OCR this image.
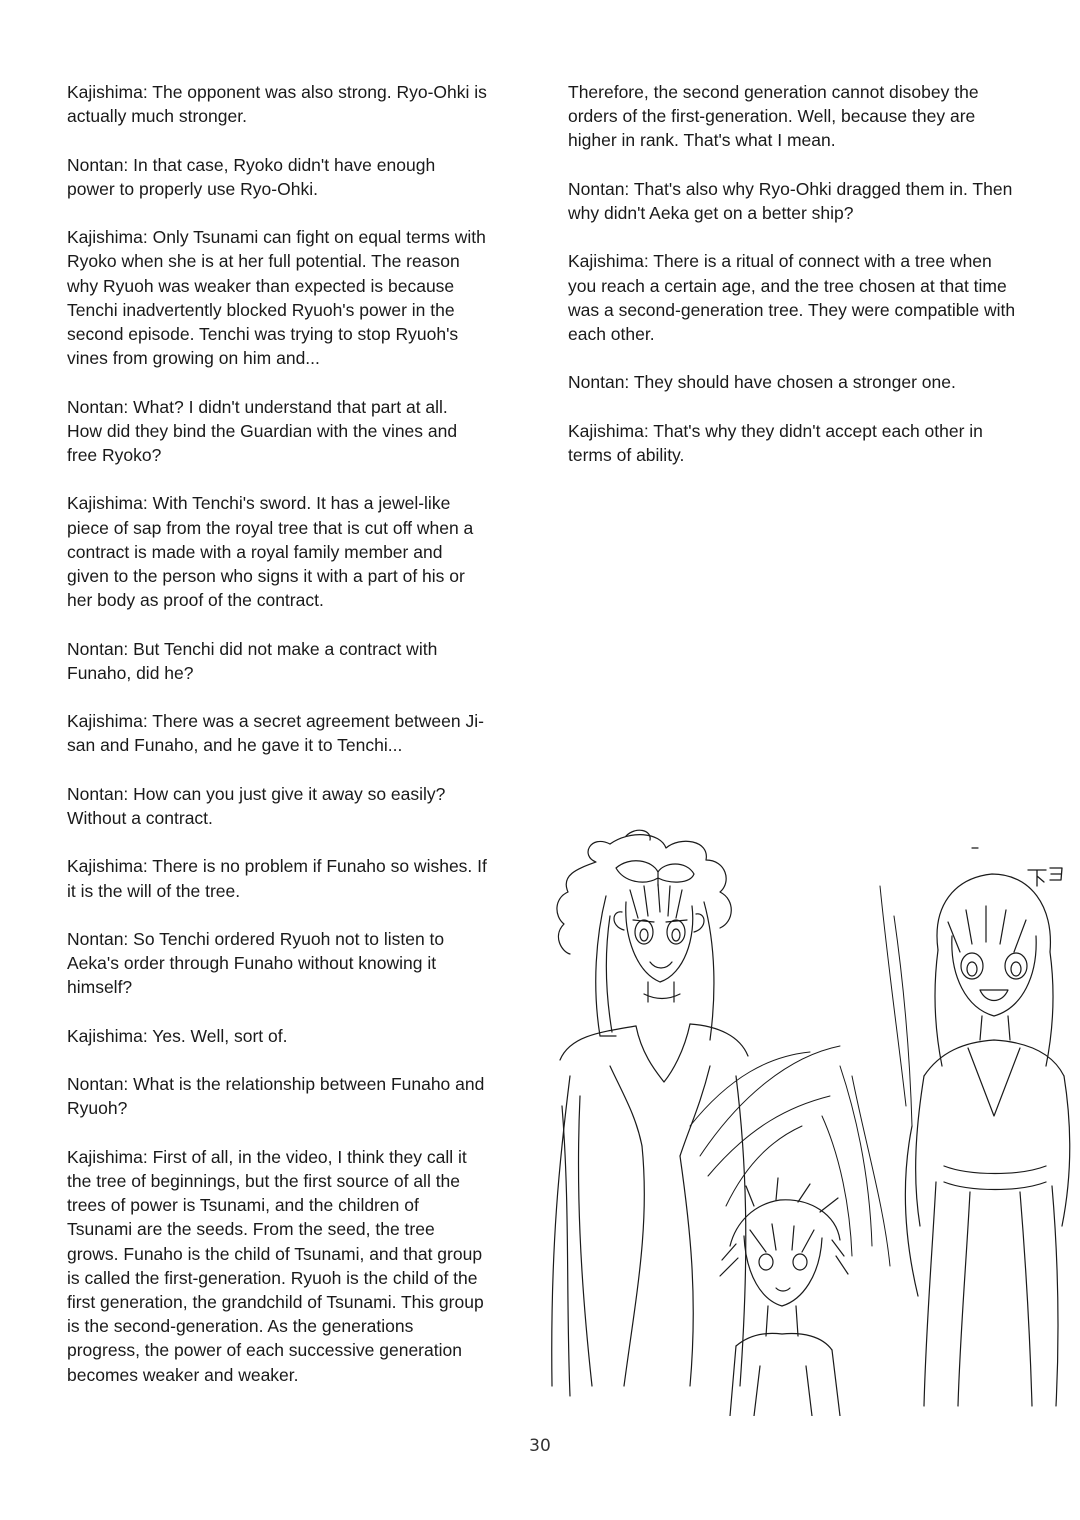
Kajishima: The opponent was also strong. Ryo-Ohki is actually much stronger.

Nontan: In that case, Ryoko didn't have enough power to properly use Ryo-Ohki.

Kajishima: Only Tsunami can fight on equal terms with Ryoko when she is at her full potential. The reason why Ryuoh was weaker than expected is because Tenchi inadvertently blocked Ryuoh's power in the second episode. Tenchi was trying to stop Ryuoh's vines from growing on him and...

Nontan: What? I didn't understand that part at all. How did they bind the Guardian with the vines and free Ryoko?

Kajishima: With Tenchi's sword. It has a jewel-like piece of sap from the royal tree that is cut off when a contract is made with a royal family member and given to the person who signs it with a part of his or her body as proof of the contract.

Nontan: But Tenchi did not make a contract with Funaho, did he?

Kajishima: There was a secret agreement between Ji-san and Funaho, and he gave it to Tenchi...

Nontan: How can you just give it away so easily? Without a contract.

Kajishima: There is no problem if Funaho so wishes. If it is the will of the tree.

Nontan: So Tenchi ordered Ryuoh not to listen to Aeka's order through Funaho without knowing it himself?

Kajishima: Yes. Well, sort of.

Nontan: What is the relationship between Funaho and Ryuoh?

Kajishima: First of all, in the video, I think they call it the tree of beginnings, but the first source of all the trees of power is Tsunami, and the children of Tsunami are the seeds. From the seed, the tree grows. Funaho is the child of Tsunami, and that group is called the first-generation. Ryuoh is the child of the first generation, the grandchild of Tsunami. This group is the second-generation. As the generations progress, the power of each successive generation becomes weaker and weaker.

Therefore, the second generation cannot disobey the orders of the first-generation. Well, because they are higher in rank. That's what I mean.

Nontan: That's also why Ryo-Ohki dragged them in. Then why didn't Aeka get on a better ship?

Kajishima: There is a ritual of connect with a tree when you reach a certain age, and the tree chosen at that time was a second-generation tree. They were compatible with each other.

Nontan: They should have chosen a stronger one.

Kajishima: That's why they didn't accept each other in terms of ability.

30
